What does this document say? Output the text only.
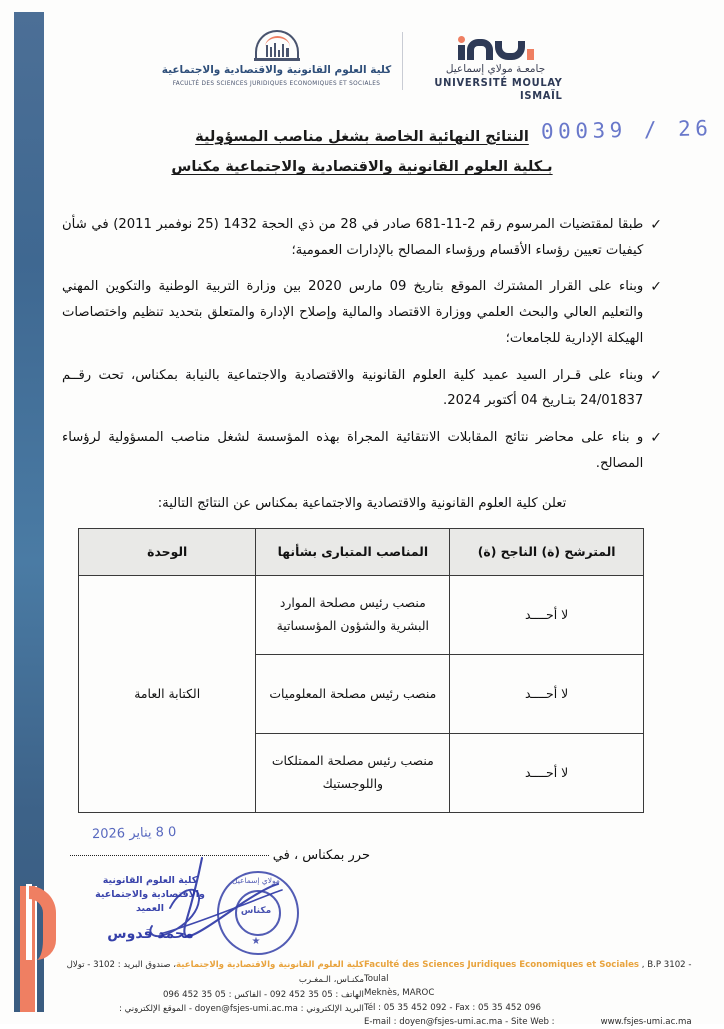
جامعـة مولاي إسماعيل
UNIVERSITÉ MOULAY ISMAÏL
كلية العلوم القانونية والاقتصادية والاجتماعية
FACULTÉ DES SCIENCES JURIDIQUES ECONOMIQUES ET SOCIALES
26 / 00039
النتائج النهائية الخاصة بشغل مناصب المسؤولية
بـكلية العلوم القانونية والاقتصادية والاجتماعية مكناس
✓
طبقا لمقتضيات المرسوم رقم 2-11-681 صادر في 28 من ذي الحجة 1432 (25 نوفمبر 2011) في شأن كيفيات تعيين رؤساء الأقسام ورؤساء المصالح بالإدارات العمومية؛
✓
وبناء على القرار المشترك الموقع بتاريخ 09 مارس 2020 بين وزارة التربية الوطنية والتكوين المهني والتعليم العالي والبحث العلمي ووزارة الاقتصاد والمالية وإصلاح الإدارة والمتعلق بتحديد تنظيم واختصاصات الهيكلة الإدارية للجامعات؛
✓
وبناء على قـرار السيد عميد كلية العلوم القانونية والاقتصادية والاجتماعية بالنيابة بمكناس، تحت رقــم 24/01837 بتـاريخ 04 أكتوبر 2024.
✓
و بناء على محاضر نتائج المقابلات الانتقائية المجراة بهذه المؤسسة لشغل مناصب المسؤولية لرؤساء المصالح.
تعلن كلية العلوم القانونية والاقتصادية والاجتماعية بمكناس عن النتائج التالية:
المترشح (ة) الناجح (ة)	المناصب المتبارى بشأنها	الوحدة
لا أحــــد	منصب رئيس مصلحة الموارد البشرية والشؤون المؤسساتية	الكتابة العامة
لا أحــــد	منصب رئيس مصلحة المعلوميات	
لا أحــــد	منصب رئيس مصلحة الممتلكات واللوجستيك	
0 8 يناير 2026
حرر بمكناس ، في
كلية العلوم القانونية
والاقتصادية والاجتماعية
العميد
مولاي إسماعيل
★
مكناس
محمد قدوس
Faculté des Sciences Juridiques Economiques et Sociales , B.P 3102 - Toulal
Meknès, MAROC
Tél : 05 35 452 092 - Fax : 05 35 452 096
E-mail : doyen@fsjes-umi.ac.ma - Site Web :	www.fsjes-umi.ac.ma
كلية العلوم القانونية والاقتصادية والاجتماعية، صندوق البريد : 3102 - تولال
مكنـاس، الـمغـرب
الهاتف : 05 35 452 092 - الفاكس : 05 35 452 096
البريد الإلكتروني : doyen@fsjes-umi.ac.ma - الموقع الإلكتروني :
